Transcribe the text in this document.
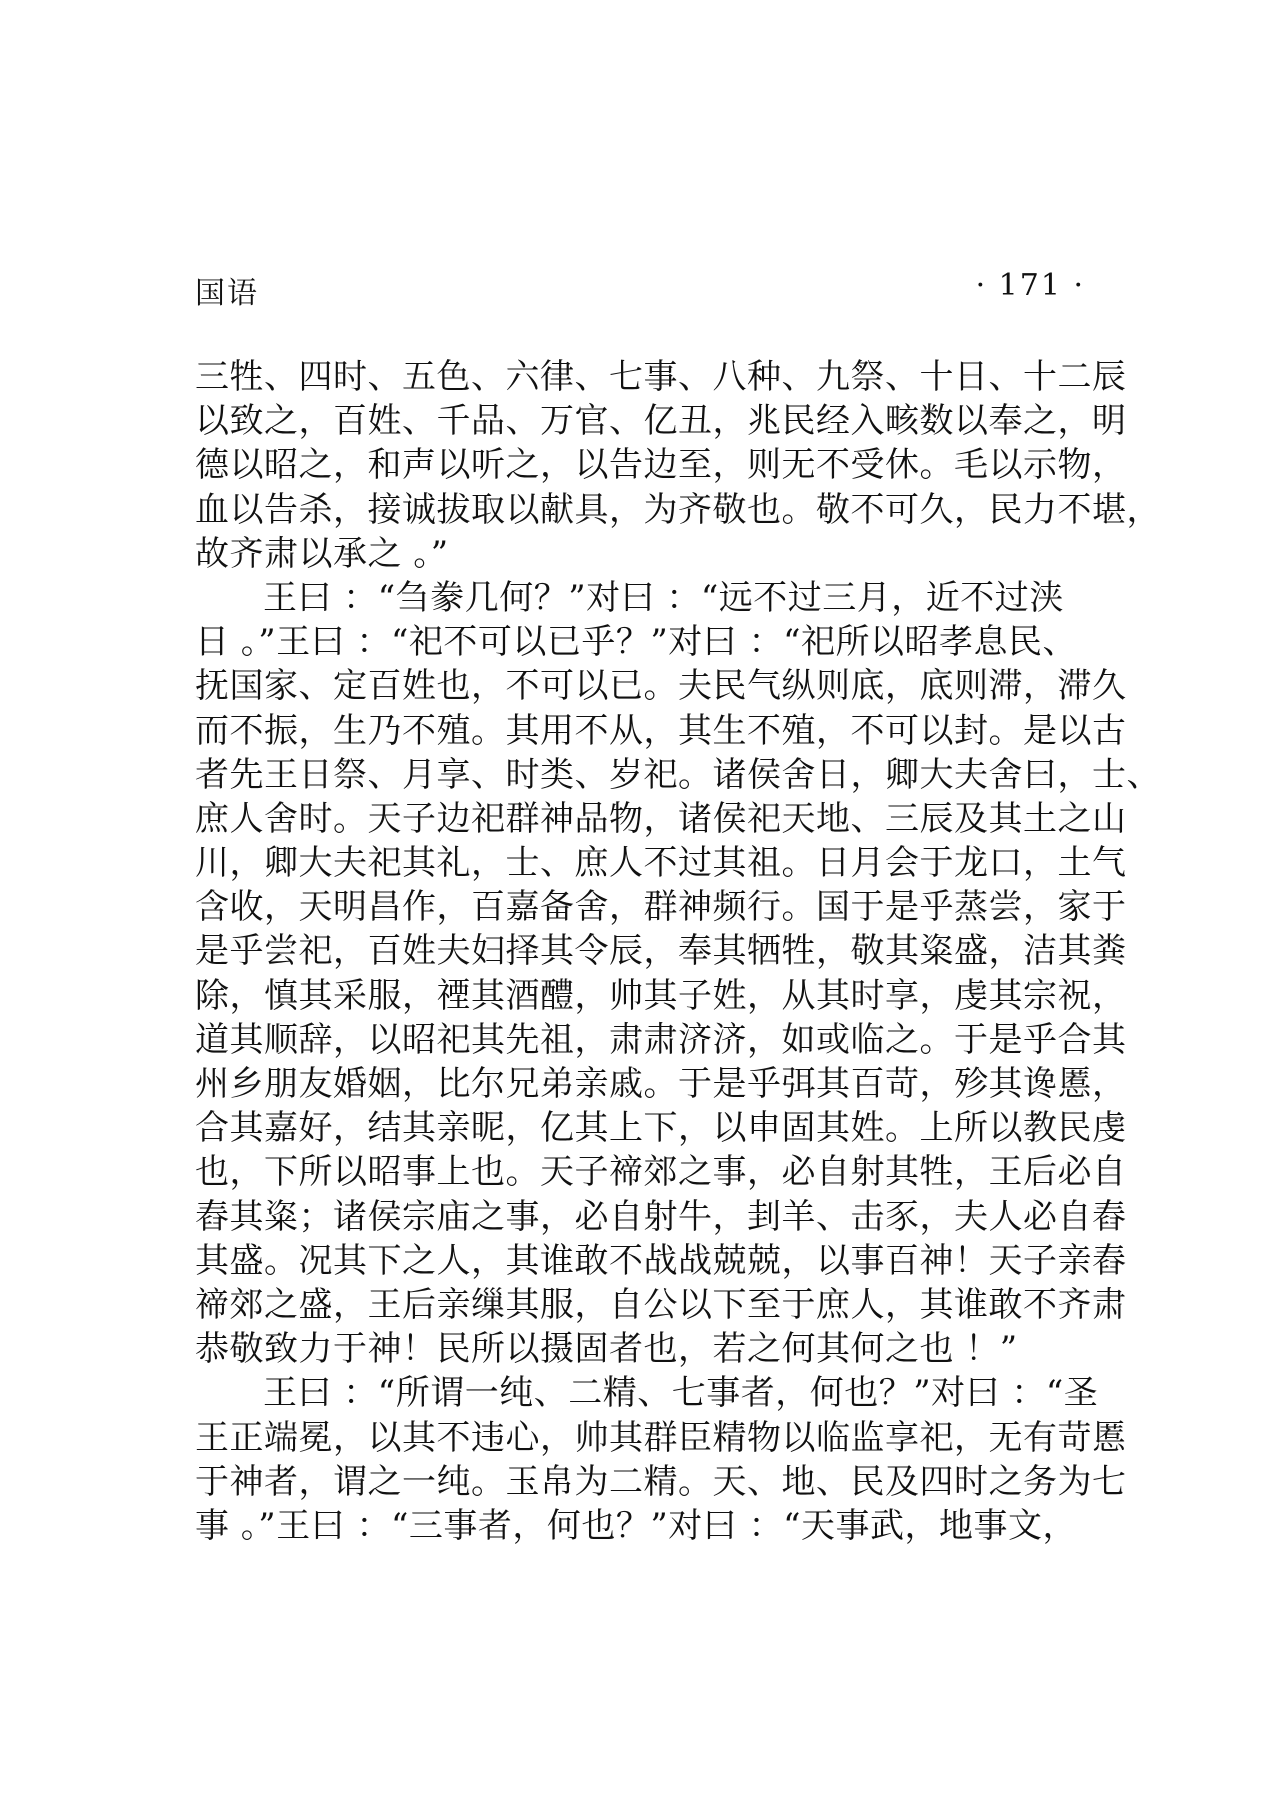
国语	· 171 ·
三牲、四时、五色、六律、七事、八种、九祭、十日、十二辰
以致之，百姓、千品、万官、亿丑，兆民经入畡数以奉之，明
德以昭之，和声以听之，以告边至，则无不受休。毛以示物，
血以告杀，接诚拔取以献具，为齐敬也。敬不可久，民力不堪，
故齐肃以承之 。”
王曰 ：“刍豢几何？”对曰 ：“远不过三月，近不过浃
日 。”王曰 ：“祀不可以已乎？”对曰 ：“祀所以昭孝息民、
抚国家、定百姓也，不可以已。夫民气纵则底，底则滞，滞久
而不振，生乃不殖。其用不从，其生不殖，不可以封。是以古
者先王日祭、月享、时类、岁祀。诸侯舍日，卿大夫舍曰，士、
庶人舍时。天子边祀群神品物，诸侯祀天地、三辰及其土之山
川，卿大夫祀其礼，士、庶人不过其祖。日月会于龙口，土气
含收，天明昌作，百嘉备舍，群神频行。国于是乎蒸尝，家于
是乎尝祀，百姓夫妇择其令辰，奉其牺牲，敬其粢盛，洁其粪
除，慎其采服，禋其酒醴，帅其子姓，从其时享，虔其宗祝，
道其顺辞，以昭祀其先祖，肃肃济济，如或临之。于是乎合其
州乡朋友婚姻，比尔兄弟亲戚。于是乎弭其百苛，殄其谗慝，
合其嘉好，结其亲昵，亿其上下，以申固其姓。上所以教民虔
也，下所以昭事上也。天子禘郊之事，必自射其牲，王后必自
舂其粢；诸侯宗庙之事，必自射牛，刲羊、击豕，夫人必自舂
其盛。况其下之人，其谁敢不战战兢兢，以事百神！天子亲舂
禘郊之盛，王后亲缫其服，自公以下至于庶人，其谁敢不齐肃
恭敬致力于神！民所以摄固者也，若之何其何之也 ！”
王曰 ：“所谓一纯、二精、七事者，何也？”对曰 ：“圣
王正端冕，以其不违心，帅其群臣精物以临监享祀，无有苛慝
于神者，谓之一纯。玉帛为二精。天、地、民及四时之务为七
事 。”王曰 ：“三事者，何也？”对曰 ：“天事武，地事文，
